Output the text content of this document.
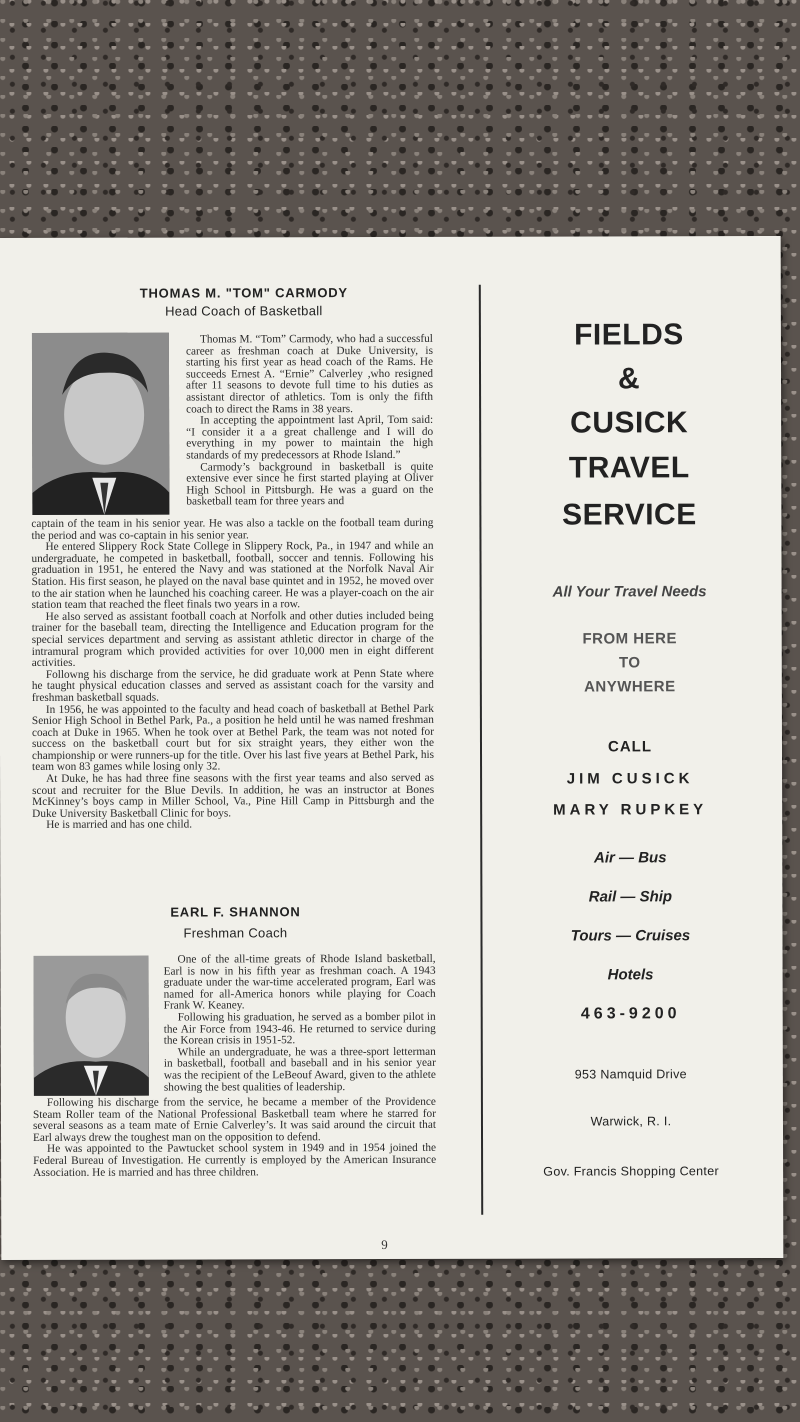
THOMAS M. "TOM" CARMODY
Head Coach of Basketball

Thomas M. “Tom” Carmody, who had a successful career as freshman coach at Duke University, is starting his first year as head coach of the Rams. He succeeds Ernest A. “Ernie” Calverley ,who resigned after 11 seasons to devote full time to his duties as assistant director of athletics. Tom is only the fifth coach to direct the Rams in 38 years.

In accepting the appointment last April, Tom said: “I consider it a a great challenge and I will do everything in my power to maintain the high standards of my predecessors at Rhode Island.”

Carmody’s background in basketball is quite extensive ever since he first started playing at Oliver High School in Pittsburgh. He was a guard on the basketball team for three years and

captain of the team in his senior year. He was also a tackle on the football team during the period and was co-captain in his senior year.

He entered Slippery Rock State College in Slippery Rock, Pa., in 1947 and while an undergraduate, he competed in basketball, football, soccer and tennis. Following his graduation in 1951, he entered the Navy and was stationed at the Norfolk Naval Air Station. His first season, he played on the naval base quintet and in 1952, he moved over to the air station when he launched his coaching career. He was a player-coach on the air station team that reached the fleet finals two years in a row.

He also served as assistant football coach at Norfolk and other duties included being trainer for the baseball team, directing the Intelligence and Education program for the special services department and serving as assistant athletic director in charge of the intramural program which provided activities for over 10,000 men in eight different activities.

Followng his discharge from the service, he did graduate work at Penn State where he taught physical education classes and served as assistant coach for the varsity and freshman basketball squads.

In 1956, he was appointed to the faculty and head coach of basketball at Bethel Park Senior High School in Bethel Park, Pa., a position he held until he was named freshman coach at Duke in 1965. When he took over at Bethel Park, the team was not noted for success on the basketball court but for six straight years, they either won the championship or were runners-up for the title. Over his last five years at Bethel Park, his team won 83 games while losing only 32.

At Duke, he has had three fine seasons with the first year teams and also served as scout and recruiter for the Blue Devils. In addition, he was an instructor at Bones McKinney’s boys camp in Miller School, Va., Pine Hill Camp in Pittsburgh and the Duke University Basketball Clinic for boys.

He is married and has one child.

EARL F. SHANNON
Freshman Coach

One of the all-time greats of Rhode Island basketball, Earl is now in his fifth year as freshman coach. A 1943 graduate under the war-time accelerated program, Earl was named for all-America honors while playing for Coach Frank W. Keaney.

Following his graduation, he served as a bomber pilot in the Air Force from 1943-46. He returned to service during the Korean crisis in 1951-52.

While an undergraduate, he was a three-sport letterman in basketball, football and baseball and in his senior year was the recipient of the LeBeouf Award, given to the athlete showing the best qualities of leadership.

Following his discharge from the service, he became a member of the Providence Steam Roller team of the National Professional Basketball team where he starred for several seasons as a team mate of Ernie Calverley’s. It was said around the circuit that Earl always drew the toughest man on the opposition to defend.

He was appointed to the Pawtucket school system in 1949 and in 1954 joined the Federal Bureau of Investigation. He currently is employed by the American Insurance Association. He is married and has three children.

FIELDS
&
CUSICK
TRAVEL
SERVICE
All Your Travel Needs
FROM HERE
TO
ANYWHERE
CALL
JIM CUSICK
MARY RUPKEY
Air — Bus
Rail — Ship
Tours — Cruises
Hotels
463-9200
953 Namquid Drive
Warwick, R. I.
Gov. Francis Shopping Center
9
